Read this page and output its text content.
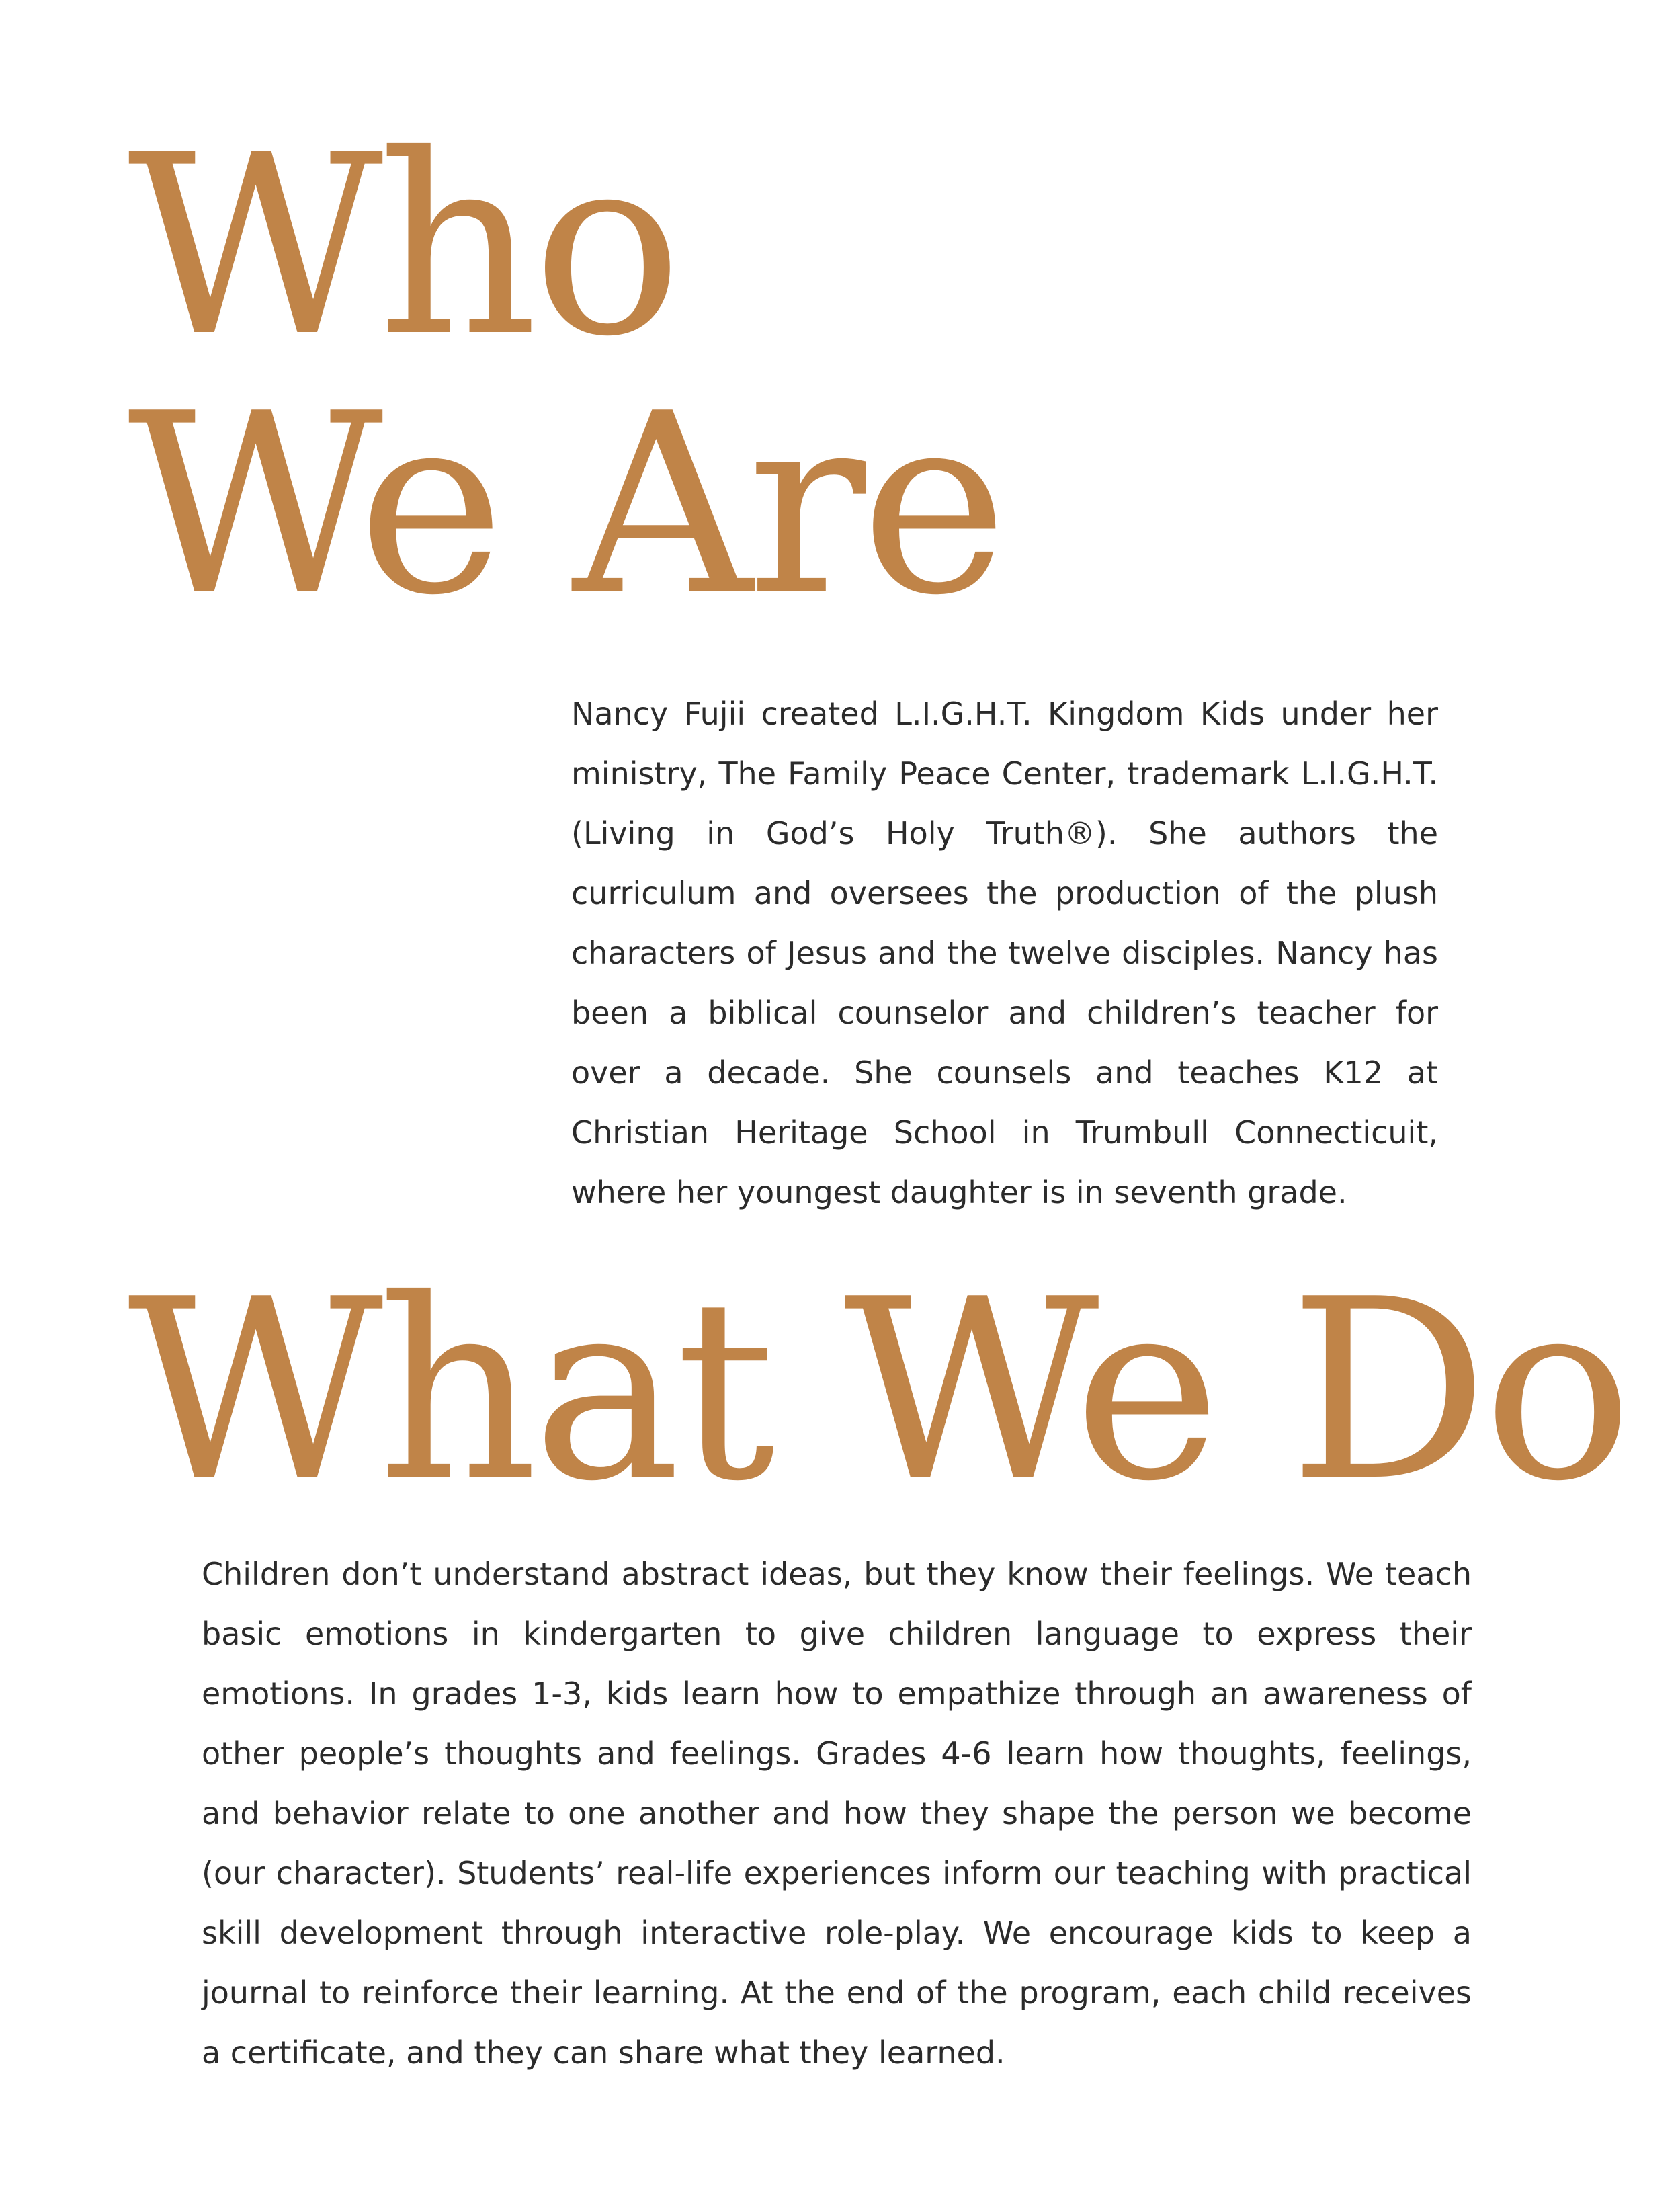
Who
We Are

Nancy Fujii created L.I.G.H.T. Kingdom Kids under her ministry, The Family Peace Center, trademark L.I.G.H.T. (Living in God’s Holy Truth®). She authors the curriculum and oversees the production of the plush characters of Jesus and the twelve disciples. Nancy has been a biblical counselor and children’s teacher for over a decade. She counsels and teaches K12 at Christian Heritage School in Trumbull Connecticuit, where her youngest daughter is in seventh grade.

What We Do

Children don’t understand abstract ideas, but they know their feelings. We teach basic emotions in kindergarten to give children language to express their emotions. In grades 1-3, kids learn how to empathize through an awareness of other people’s thoughts and feelings. Grades 4-6 learn how thoughts, feelings, and behavior relate to one another and how they shape the person we become (our character). Students’ real-life experiences inform our teaching with practical skill development through interactive role-play. We encourage kids to keep a journal to reinforce their learning. At the end of the program, each child receives a certificate, and they can share what they learned.
